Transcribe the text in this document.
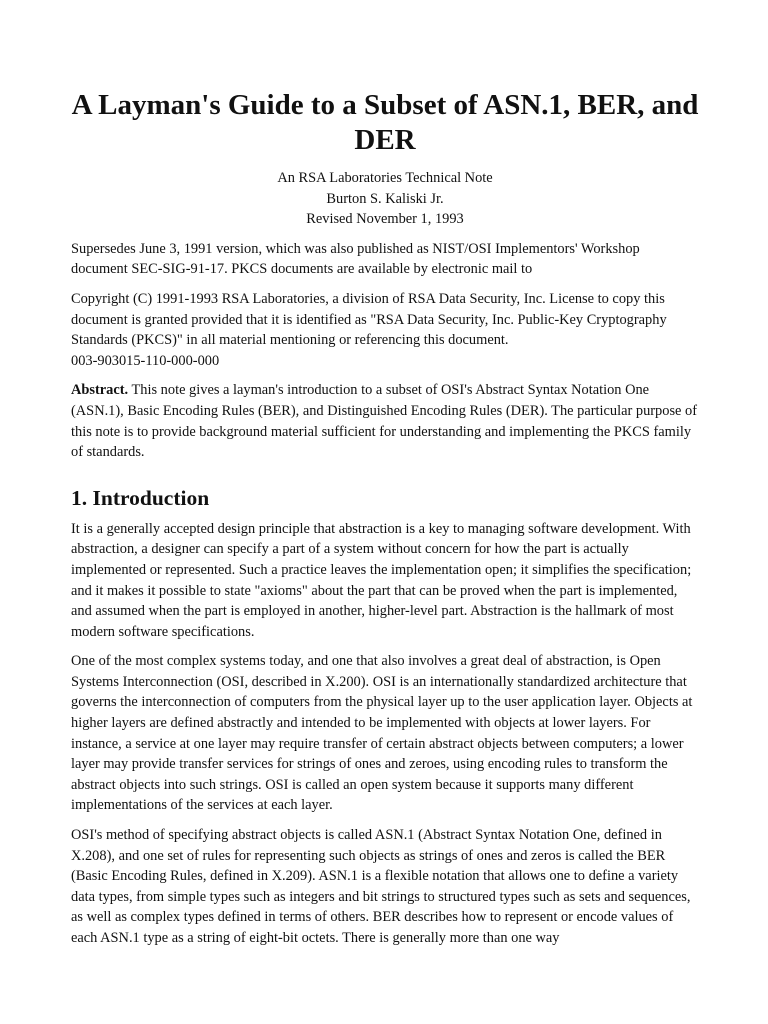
A Layman's Guide to a Subset of ASN.1, BER, and DER
An RSA Laboratories Technical Note
Burton S. Kaliski Jr.
Revised November 1, 1993

Supersedes June 3, 1991 version, which was also published as NIST/OSI Implementors' Workshop document SEC-SIG-91-17. PKCS documents are available by electronic mail to

Copyright (C) 1991-1993 RSA Laboratories, a division of RSA Data Security, Inc. License to copy this document is granted provided that it is identified as "RSA Data Security, Inc. Public-Key Cryptography Standards (PKCS)" in all material mentioning or referencing this document.
003-903015-110-000-000

Abstract. This note gives a layman's introduction to a subset of OSI's Abstract Syntax Notation One (ASN.1), Basic Encoding Rules (BER), and Distinguished Encoding Rules (DER). The particular purpose of this note is to provide background material sufficient for understanding and implementing the PKCS family of standards.

1. Introduction

It is a generally accepted design principle that abstraction is a key to managing software development. With abstraction, a designer can specify a part of a system without concern for how the part is actually implemented or represented. Such a practice leaves the implementation open; it simplifies the specification; and it makes it possible to state "axioms" about the part that can be proved when the part is implemented, and assumed when the part is employed in another, higher-level part. Abstraction is the hallmark of most modern software specifications.

One of the most complex systems today, and one that also involves a great deal of abstraction, is Open Systems Interconnection (OSI, described in X.200). OSI is an internationally standardized architecture that governs the interconnection of computers from the physical layer up to the user application layer. Objects at higher layers are defined abstractly and intended to be implemented with objects at lower layers. For instance, a service at one layer may require transfer of certain abstract objects between computers; a lower layer may provide transfer services for strings of ones and zeroes, using encoding rules to transform the abstract objects into such strings. OSI is called an open system because it supports many different implementations of the services at each layer.

OSI's method of specifying abstract objects is called ASN.1 (Abstract Syntax Notation One, defined in X.208), and one set of rules for representing such objects as strings of ones and zeros is called the BER (Basic Encoding Rules, defined in X.209). ASN.1 is a flexible notation that allows one to define a variety data types, from simple types such as integers and bit strings to structured types such as sets and sequences, as well as complex types defined in terms of others. BER describes how to represent or encode values of each ASN.1 type as a string of eight-bit octets. There is generally more than one way
